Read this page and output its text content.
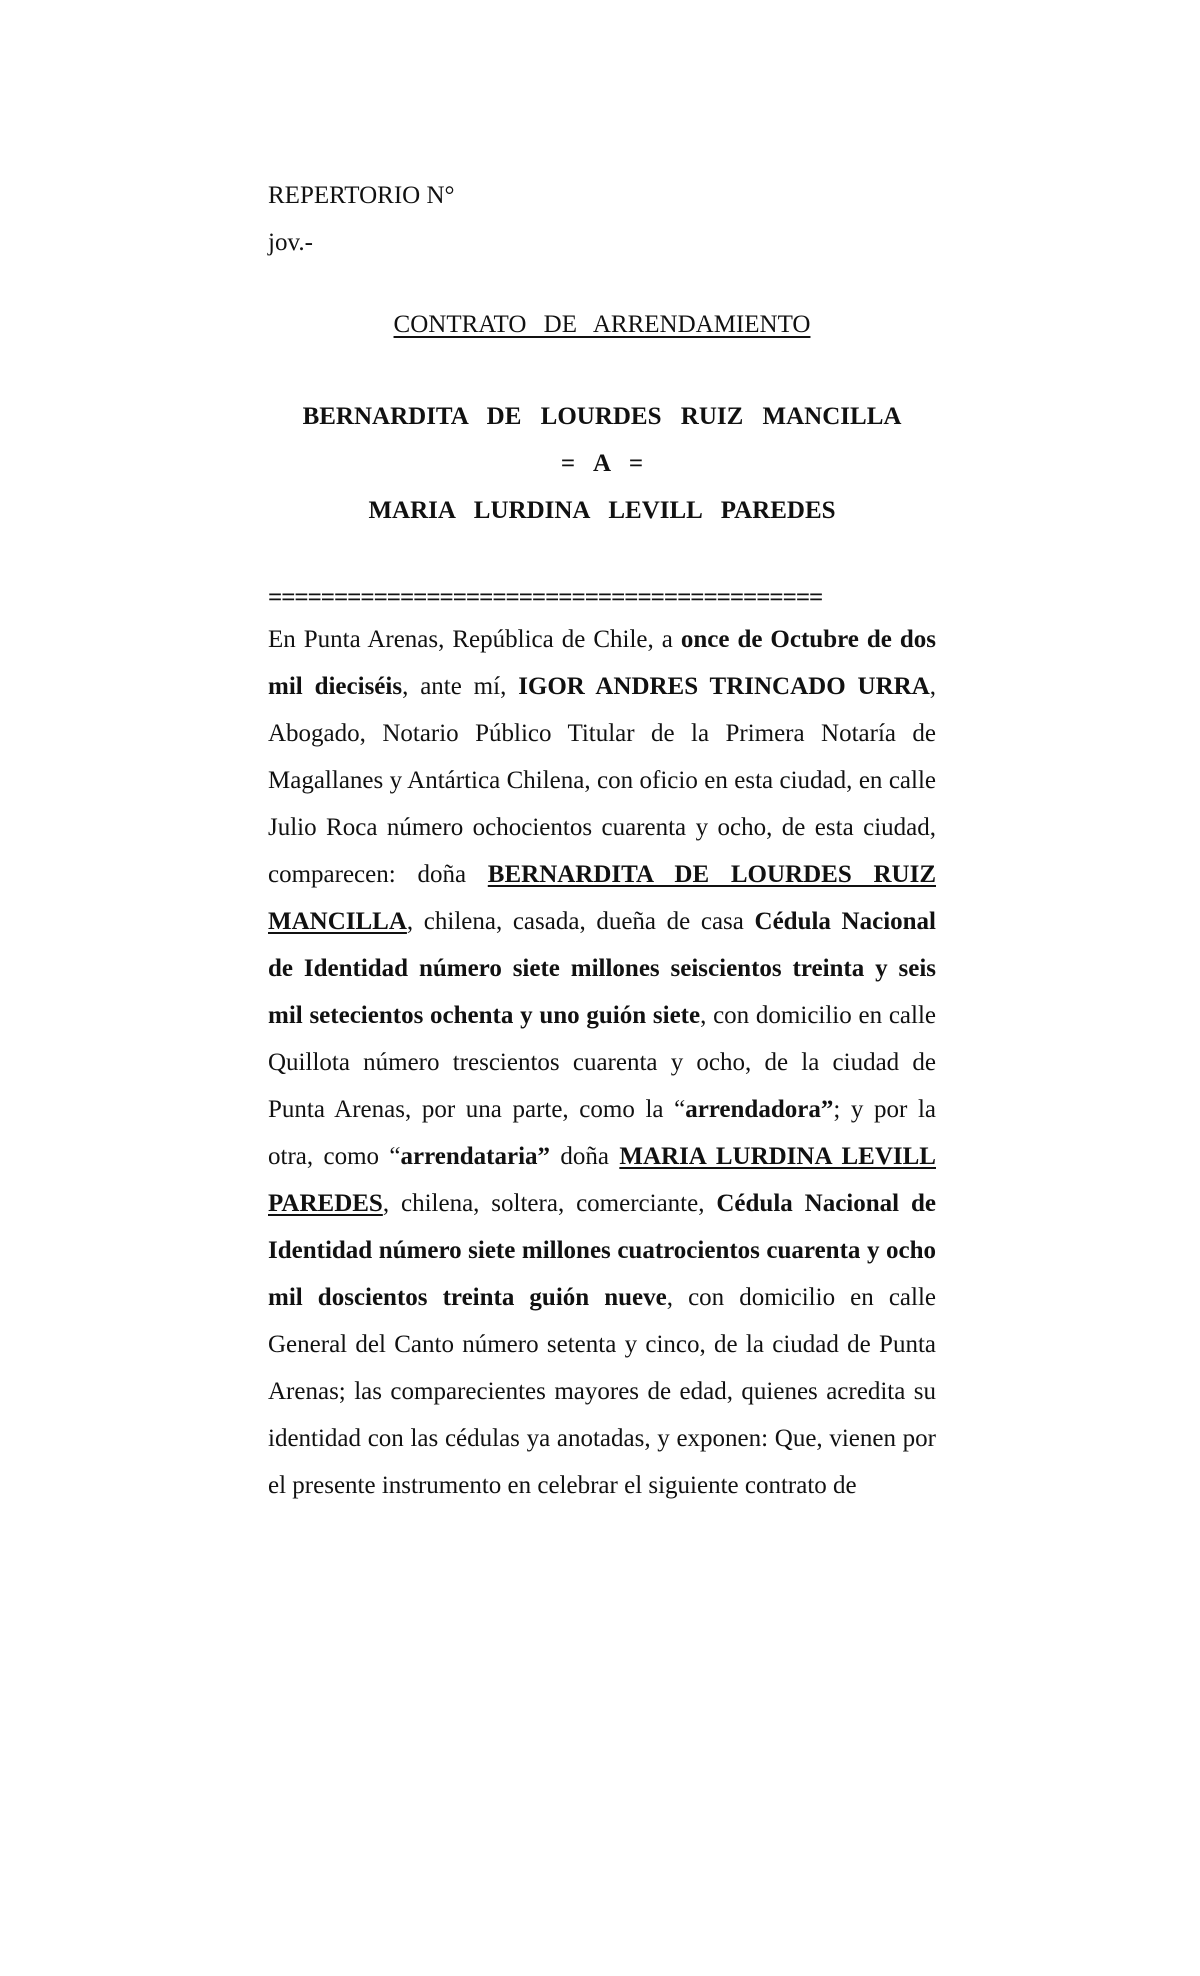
REPERTORIO N°
jov.-
CONTRATO DE ARRENDAMIENTO
BERNARDITA DE LOURDES RUIZ MANCILLA
= A =
MARIA LURDINA LEVILL PAREDES
==========================================

En Punta Arenas, República de Chile, a once de Octubre de dos mil dieciséis, ante mí, IGOR ANDRES TRINCADO URRA, Abogado, Notario Público Titular de la Primera Notaría de Magallanes y Antártica Chilena, con oficio en esta ciudad, en calle Julio Roca número ochocientos cuarenta y ocho, de esta ciudad, comparecen: doña BERNARDITA DE LOURDES RUIZ MANCILLA, chilena, casada, dueña de casa Cédula Nacional de Identidad número siete millones seiscientos treinta y seis mil setecientos ochenta y uno guión siete, con domicilio en calle Quillota número trescientos cuarenta y ocho, de la ciudad de Punta Arenas, por una parte, como la “arrendadora”; y por la otra, como “arrendataria” doña MARIA LURDINA LEVILL PAREDES, chilena, soltera, comerciante, Cédula Nacional de Identidad número siete millones cuatrocientos cuarenta y ocho mil doscientos treinta guión nueve, con domicilio en calle General del Canto número setenta y cinco, de la ciudad de Punta Arenas; las comparecientes mayores de edad, quienes acredita su identidad con las cédulas ya anotadas, y exponen: Que, vienen por el presente instrumento en celebrar el siguiente contrato de
